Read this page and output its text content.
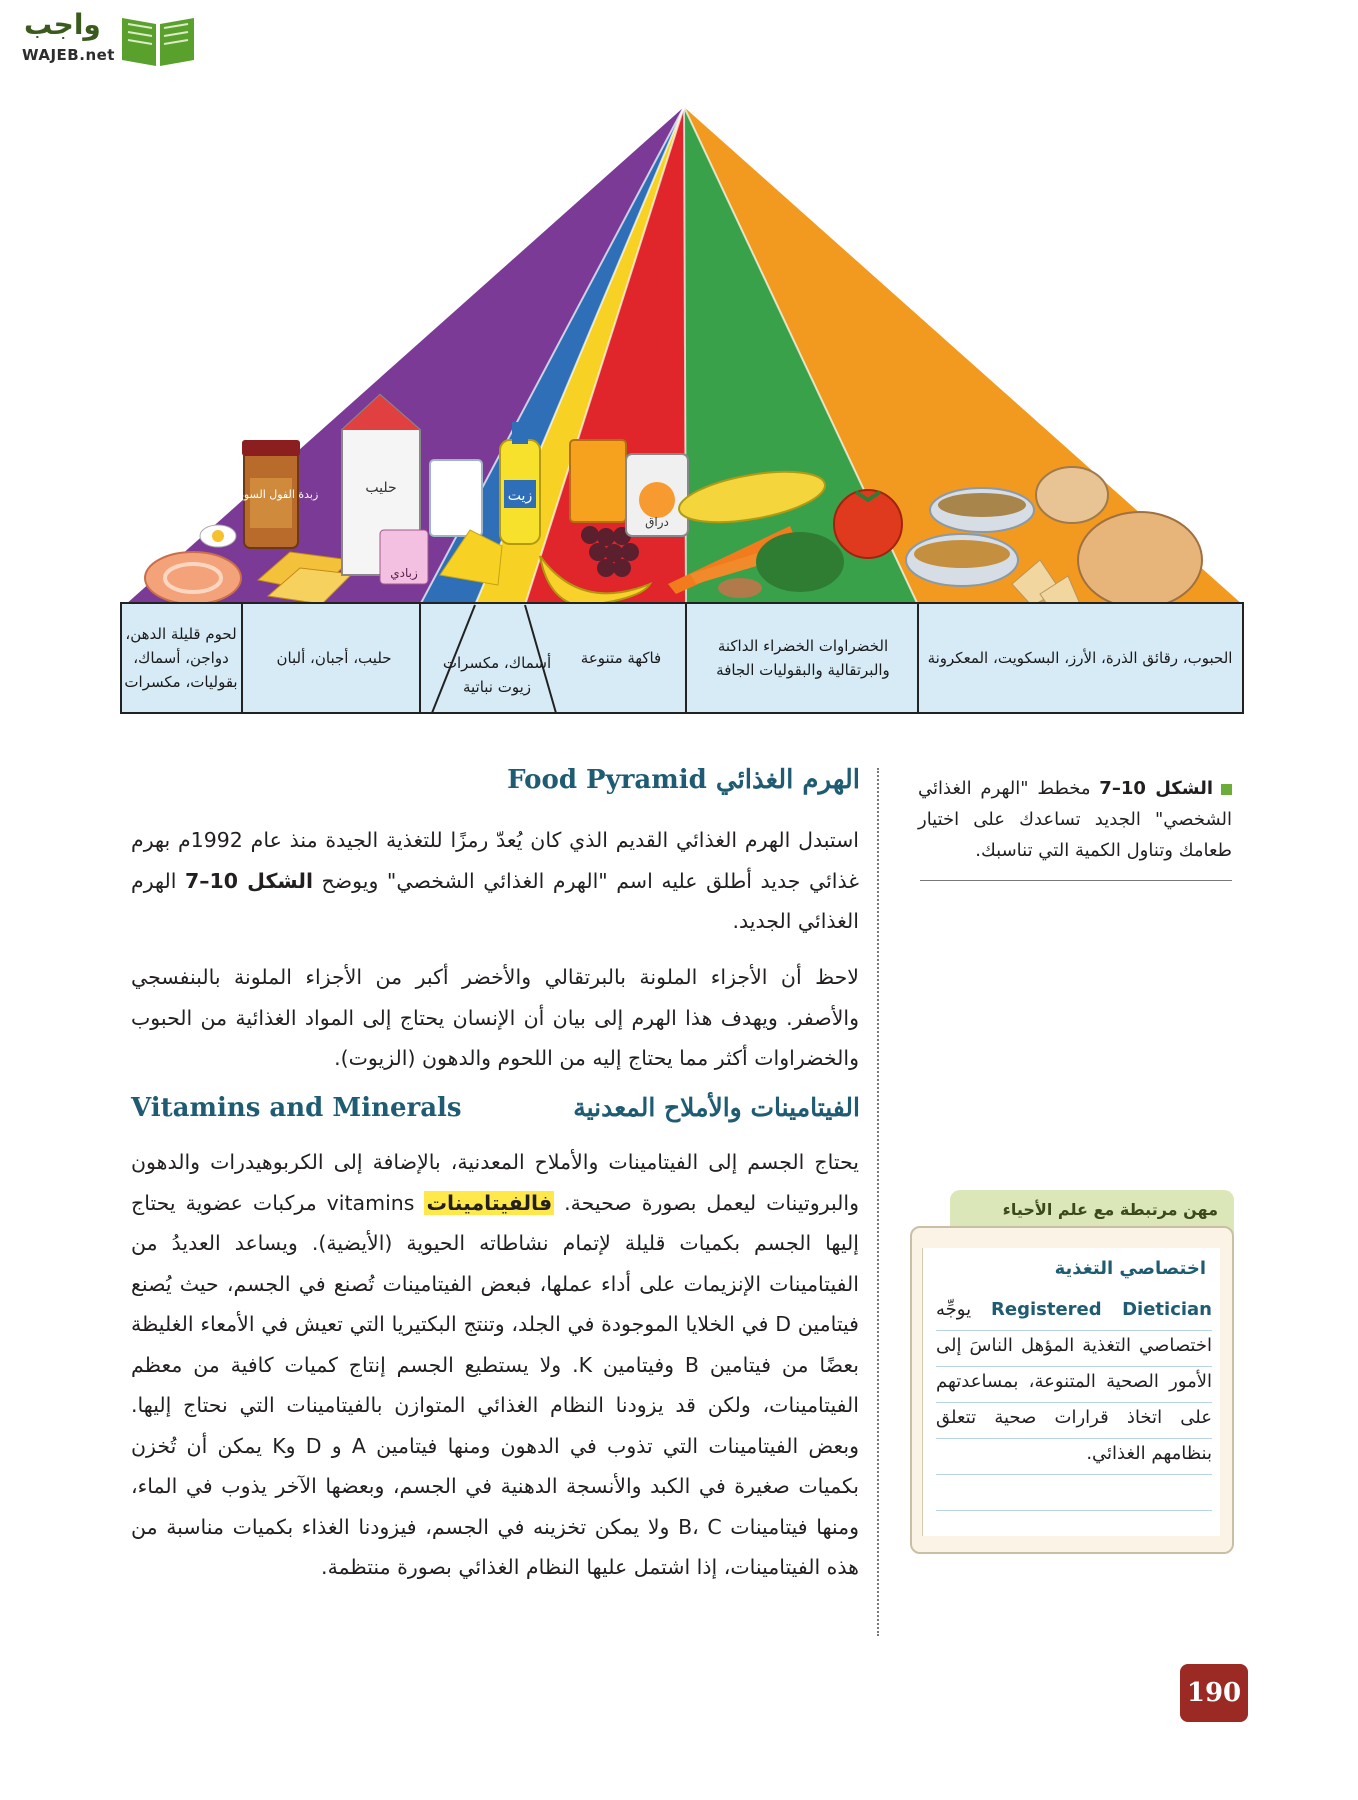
واجب
WAJEB.net
زبدة الفول السوداني	حليب
زبادي
زيت
دراق
الحبوب، رقائق الذرة، الأرز، البسكويت، المعكرونة
الخضراوات الخضراء الداكنة والبرتقالية والبقوليات الجافة
فاكهة متنوعة
أسماك، مكسرات زيوت نباتية
حليب، أجبان، ألبان
لحوم قليلة الدهن، دواجن، أسماك، بقوليات، مكسرات
الشكل 10–7 مخطط "الهرم الغذائي الشخصي" الجديد تساعدك على اختيار طعامك وتناول الكمية التي تناسبك.
الهرم الغذائي Food Pyramid
استبدل الهرم الغذائي القديم الذي كان يُعدّ رمزًا للتغذية الجيدة منذ عام 1992م بهرم غذائي جديد أطلق عليه اسم "الهرم الغذائي الشخصي" ويوضح الشكل 10–7 الهرم الغذائي الجديد.
لاحظ أن الأجزاء الملونة بالبرتقالي والأخضر أكبر من الأجزاء الملونة بالبنفسجي والأصفر. ويهدف هذا الهرم إلى بيان أن الإنسان يحتاج إلى المواد الغذائية من الحبوب والخضراوات أكثر مما يحتاج إليه من اللحوم والدهون (الزيوت).
الفيتامينات والأملاح المعدنية
Vitamins and Minerals
يحتاج الجسم إلى الفيتامينات والأملاح المعدنية، بالإضافة إلى الكربوهيدرات والدهون والبروتينات ليعمل بصورة صحيحة. فالفيتامينات vitamins مركبات عضوية يحتاج إليها الجسم بكميات قليلة لإتمام نشاطاته الحيوية (الأيضية). ويساعد العديدُ من الفيتامينات الإنزيمات على أداء عملها، فبعض الفيتامينات تُصنع في الجسم، حيث يُصنع فيتامين D في الخلايا الموجودة في الجلد، وتنتج البكتيريا التي تعيش في الأمعاء الغليظة بعضًا من فيتامين B وفيتامين K. ولا يستطيع الجسم إنتاج كميات كافية من معظم الفيتامينات، ولكن قد يزودنا النظام الغذائي المتوازن بالفيتامينات التي نحتاج إليها. وبعض الفيتامينات التي تذوب في الدهون ومنها فيتامين A و D وK يمكن أن تُخزن بكميات صغيرة في الكبد والأنسجة الدهنية في الجسم، وبعضها الآخر يذوب في الماء، ومنها فيتامينات B، C ولا يمكن تخزينه في الجسم، فيزودنا الغذاء بكميات مناسبة من هذه الفيتامينات، إذا اشتمل عليها النظام الغذائي بصورة منتظمة.
مهن مرتبطة مع علم الأحياء
اختصاصي التغذية
Registered Dietician يوجِّه اختصاصي التغذية المؤهل الناسَ إلى الأمور الصحية المتنوعة، بمساعدتهم على اتخاذ قرارات صحية تتعلق بنظامهم الغذائي.
190
